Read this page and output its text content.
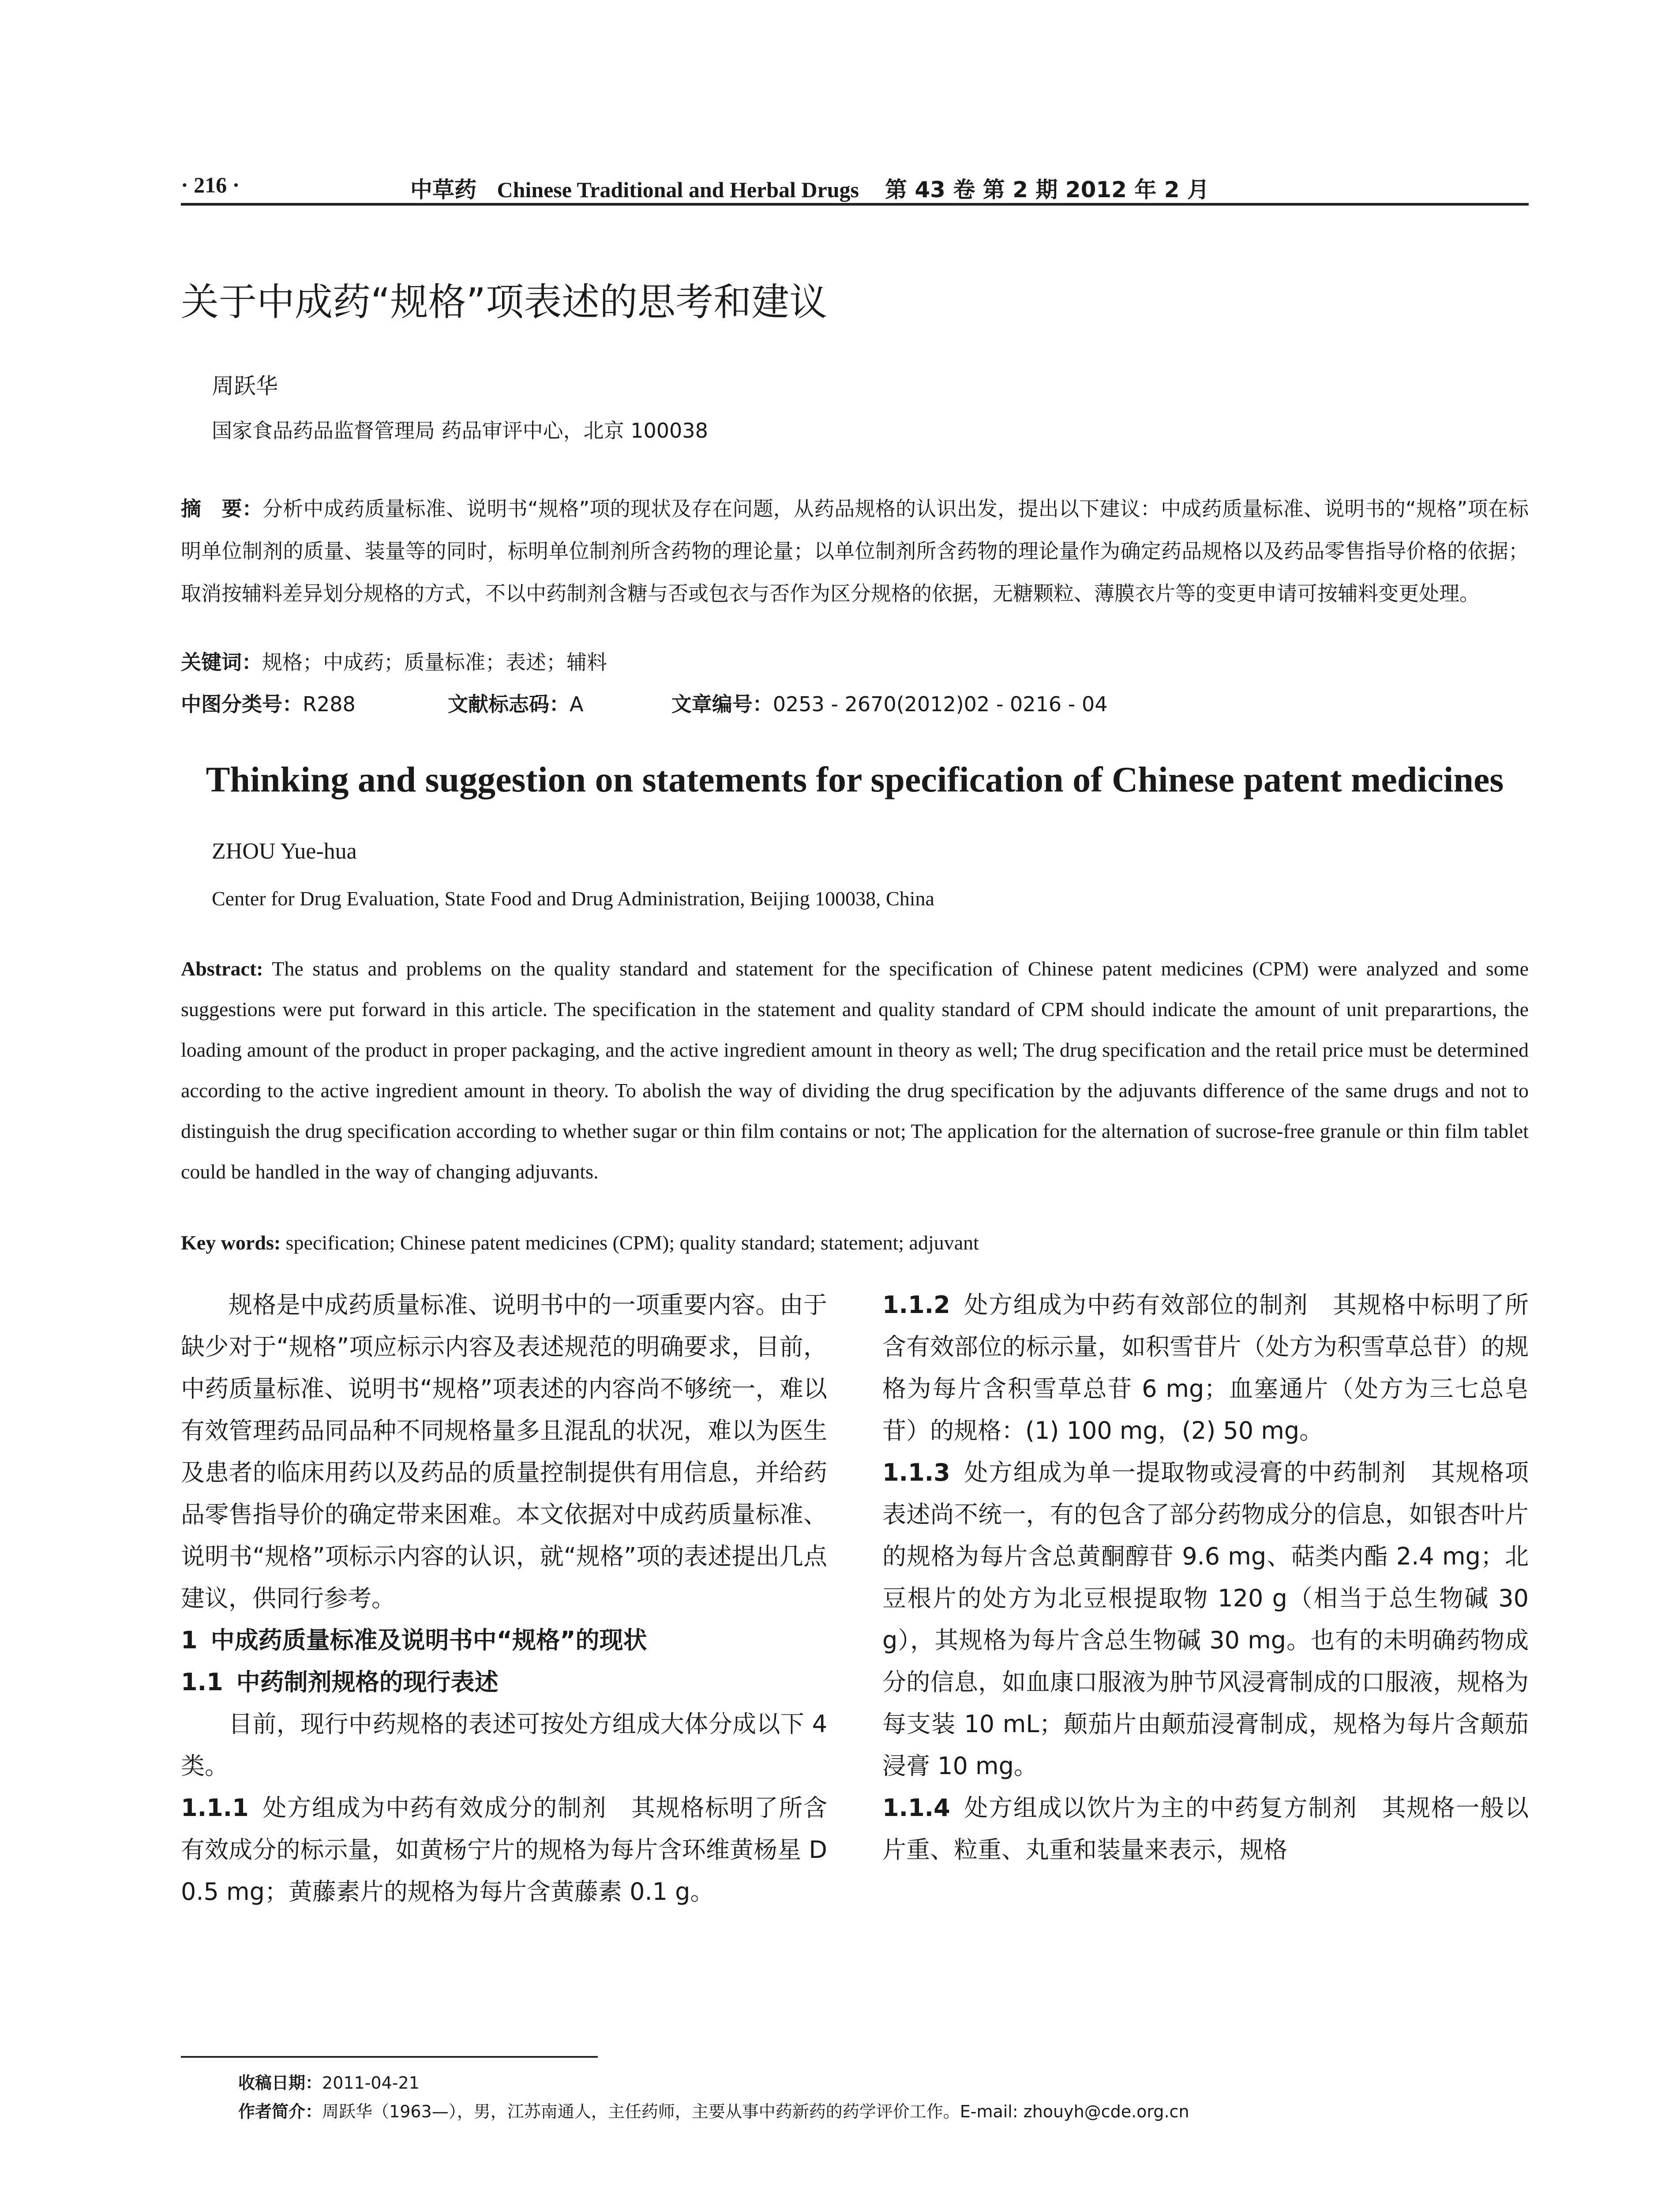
· 216 ·	中草药 Chinese Traditional and Herbal Drugs 第 43 卷 第 2 期 2012 年 2 月
关于中成药“规格”项表述的思考和建议
周跃华
国家食品药品监督管理局 药品审评中心，北京 100038
摘　要：分析中成药质量标准、说明书“规格”项的现状及存在问题，从药品规格的认识出发，提出以下建议：中成药质量标准、说明书的“规格”项在标明单位制剂的质量、装量等的同时，标明单位制剂所含药物的理论量；以单位制剂所含药物的理论量作为确定药品规格以及药品零售指导价格的依据；取消按辅料差异划分规格的方式，不以中药制剂含糖与否或包衣与否作为区分规格的依据，无糖颗粒、薄膜衣片等的变更申请可按辅料变更处理。
关键词：规格；中成药；质量标准；表述；辅料
中图分类号：R288	文献标志码：A	文章编号：0253 - 2670(2012)02 - 0216 - 04
Thinking and suggestion on statements for specification of Chinese patent medicines
ZHOU Yue-hua
Center for Drug Evaluation, State Food and Drug Administration, Beijing 100038, China
Abstract: The status and problems on the quality standard and statement for the specification of Chinese patent medicines (CPM) were analyzed and some suggestions were put forward in this article. The specification in the statement and quality standard of CPM should indicate the amount of unit preparartions, the loading amount of the product in proper packaging, and the active ingredient amount in theory as well; The drug specification and the retail price must be determined according to the active ingredient amount in theory. To abolish the way of dividing the drug specification by the adjuvants difference of the same drugs and not to distinguish the drug specification according to whether sugar or thin film contains or not; The application for the alternation of sucrose-free granule or thin film tablet could be handled in the way of changing adjuvants.
Key words: specification; Chinese patent medicines (CPM); quality standard; statement; adjuvant

规格是中成药质量标准、说明书中的一项重要内容。由于缺少对于“规格”项应标示内容及表述规范的明确要求，目前，中药质量标准、说明书“规格”项表述的内容尚不够统一，难以有效管理药品同品种不同规格量多且混乱的状况，难以为医生及患者的临床用药以及药品的质量控制提供有用信息，并给药品零售指导价的确定带来困难。本文依据对中成药质量标准、说明书“规格”项标示内容的认识，就“规格”项的表述提出几点建议，供同行参考。

1 中成药质量标准及说明书中“规格”的现状

1.1 中药制剂规格的现行表述

目前，现行中药规格的表述可按处方组成大体分成以下 4 类。

1.1.1 处方组成为中药有效成分的制剂　其规格标明了所含有效成分的标示量，如黄杨宁片的规格为每片含环维黄杨星 D 0.5 mg；黄藤素片的规格为每片含黄藤素 0.1 g。

1.1.2 处方组成为中药有效部位的制剂　其规格中标明了所含有效部位的标示量，如积雪苷片（处方为积雪草总苷）的规格为每片含积雪草总苷 6 mg；血塞通片（处方为三七总皂苷）的规格：(1) 100 mg，(2) 50 mg。

1.1.3 处方组成为单一提取物或浸膏的中药制剂　其规格项表述尚不统一，有的包含了部分药物成分的信息，如银杏叶片的规格为每片含总黄酮醇苷 9.6 mg、萜类内酯 2.4 mg；北豆根片的处方为北豆根提取物 120 g（相当于总生物碱 30 g），其规格为每片含总生物碱 30 mg。也有的未明确药物成分的信息，如血康口服液为肿节风浸膏制成的口服液，规格为每支装 10 mL；颠茄片由颠茄浸膏制成，规格为每片含颠茄浸膏 10 mg。

1.1.4 处方组成以饮片为主的中药复方制剂　其规格一般以片重、粒重、丸重和装量来表示，规格

收稿日期：2011-04-21
作者简介：周跃华（1963—），男，江苏南通人，主任药师，主要从事中药新药的药学评价工作。E-mail: zhouyh@cde.org.cn
